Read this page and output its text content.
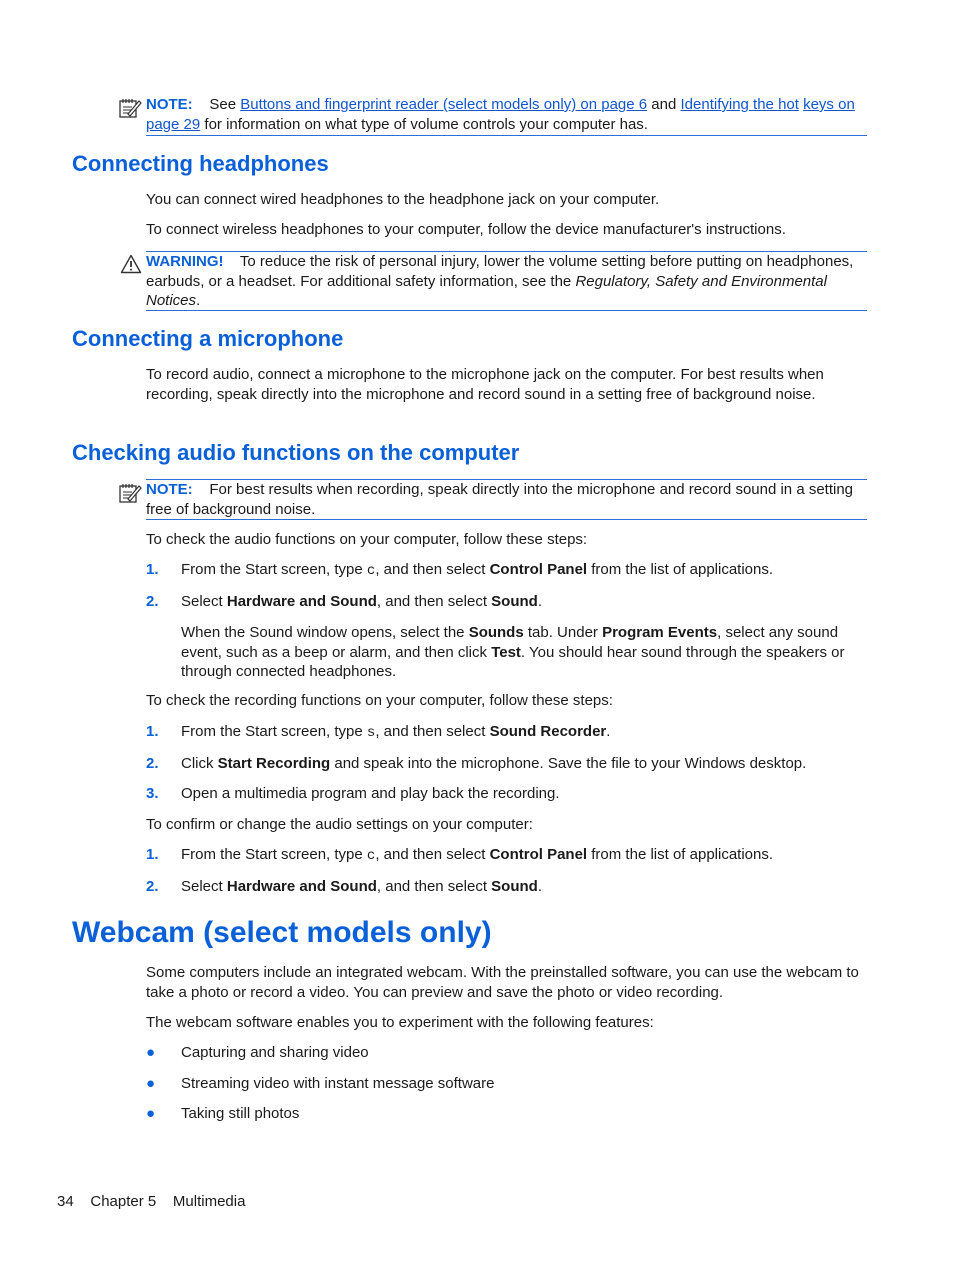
NOTE: See Buttons and fingerprint reader (select models only) on page 6 and Identifying the hot keys on page 29 for information on what type of volume controls your computer has.
Connecting headphones
You can connect wired headphones to the headphone jack on your computer.
To connect wireless headphones to your computer, follow the device manufacturer's instructions.
WARNING! To reduce the risk of personal injury, lower the volume setting before putting on headphones, earbuds, or a headset. For additional safety information, see the Regulatory, Safety and Environmental Notices.
Connecting a microphone
To record audio, connect a microphone to the microphone jack on the computer. For best results when recording, speak directly into the microphone and record sound in a setting free of background noise.
Checking audio functions on the computer
NOTE: For best results when recording, speak directly into the microphone and record sound in a setting free of background noise.
To check the audio functions on your computer, follow these steps:
1. From the Start screen, type c, and then select Control Panel from the list of applications.
2. Select Hardware and Sound, and then select Sound.
When the Sound window opens, select the Sounds tab. Under Program Events, select any sound event, such as a beep or alarm, and then click Test. You should hear sound through the speakers or through connected headphones.
To check the recording functions on your computer, follow these steps:
1. From the Start screen, type s, and then select Sound Recorder.
2. Click Start Recording and speak into the microphone. Save the file to your Windows desktop.
3. Open a multimedia program and play back the recording.
To confirm or change the audio settings on your computer:
1. From the Start screen, type c, and then select Control Panel from the list of applications.
2. Select Hardware and Sound, and then select Sound.
Webcam (select models only)
Some computers include an integrated webcam. With the preinstalled software, you can use the webcam to take a photo or record a video. You can preview and save the photo or video recording.
The webcam software enables you to experiment with the following features:
● Capturing and sharing video
● Streaming video with instant message software
● Taking still photos
34 Chapter 5 Multimedia
